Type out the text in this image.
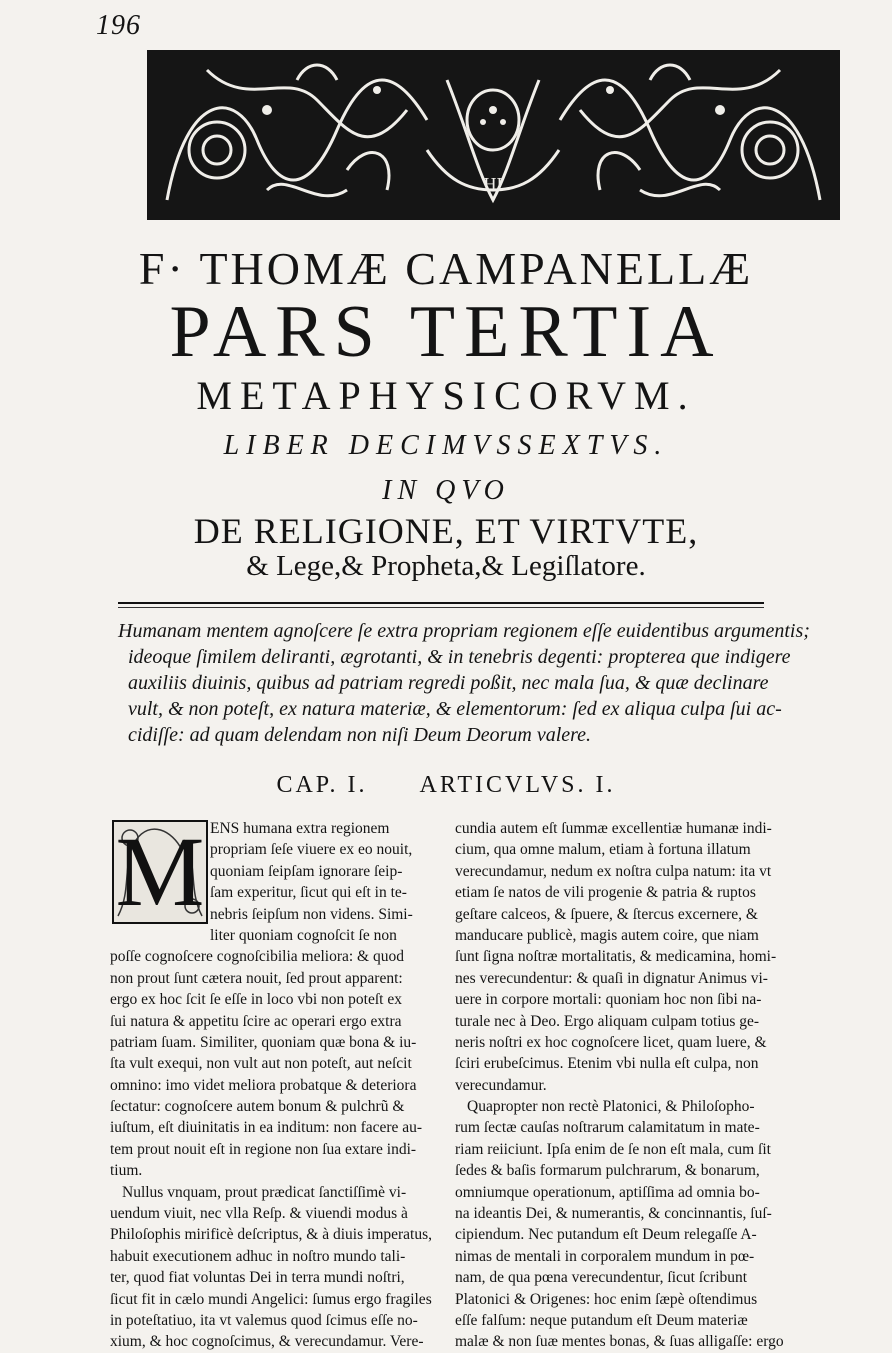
196
HI
F· THOMÆ CAMPANELLÆ
PARS TERTIA
METAPHYSICORVM.
LIBER DECIMVSSEXTVS.
IN QVO
DE RELIGIONE, ET VIRTVTE,
& Lege,& Propheta,& Legiſlatore.
Humanam mentem agnoſcere ſe extra propriam regionem eſſe euidentibus argumentis;
ideoque ſimilem deliranti, ægrotanti, & in tenebris degenti: propterea que indigere
auxiliis diuinis, quibus ad patriam regredi poßit, nec mala ſua, & quæ declinare
vult, & non poteſt, ex natura materiæ, & elementorum: ſed ex aliqua culpa ſui ac-
cidiſſe: ad quam delendam non niſi Deum Deorum valere.
CAP. I. ARTICVLVS. I.
M ENS humana extra regionem
propriam ſeſe viuere ex eo nouit,
quoniam ſeipſam ignorare ſeip-
ſam experitur, ſicut qui eſt in te-
nebris ſeipſum non videns. Simi-
liter quoniam cognoſcit ſe non
poſſe cognoſcere cognoſcibilia meliora: & quod
non prout ſunt cætera nouit, ſed prout apparent:
ergo ex hoc ſcit ſe eſſe in loco vbi non poteſt ex
ſui natura & appetitu ſcire ac operari ergo extra
patriam ſuam. Similiter, quoniam quæ bona & iu-
ſta vult exequi, non vult aut non poteſt, aut neſcit
omnino: imo videt meliora probatque & deteriora
ſectatur: cognoſcere autem bonum & pulchrũ &
iuſtum, eſt diuinitatis in ea inditum: non facere au-
tem prout nouit eſt in regione non ſua extare indi-
tium.
Nullus vnquam, prout prædicat ſanctiſſimè vi-
uendum viuit, nec vlla Reſp. & viuendi modus à
Philoſophis mirificè deſcriptus, & à diuis imperatus,
habuit executionem adhuc in noſtro mundo tali-
ter, quod fiat voluntas Dei in terra mundi noſtri,
ſicut fit in cælo mundi Angelici: ſumus ergo fragiles
in poteſtatiuo, ita vt valemus quod ſcimus eſſe no-
xium, & hoc cognoſcimus, & verecundamur. Vere-
cundia autem eſt ſummæ excellentiæ humanæ indi-
cium, qua omne malum, etiam à fortuna illatum
verecundamur, nedum ex noſtra culpa natum: ita vt
etiam ſe natos de vili progenie & patria & ruptos
geſtare calceos, & ſpuere, & ſtercus excernere, &
manducare publicè, magis autem coire, que niam
ſunt ſigna noſtræ mortalitatis, & medicamina, homi-
nes verecundentur: & quaſi in dignatur Animus vi-
uere in corpore mortali: quoniam hoc non ſibi na-
turale nec à Deo. Ergo aliquam culpam totius ge-
neris noſtri ex hoc cognoſcere licet, quam luere, &
ſciri erubeſcimus. Etenim vbi nulla eſt culpa, non
verecundamur.
Quapropter non rectè Platonici, & Philoſopho-
rum ſectæ cauſas noſtrarum calamitatum in mate-
riam reiiciunt. Ipſa enim de ſe non eſt mala, cum ſit
ſedes & baſis formarum pulchrarum, & bonarum,
omniumque operationum, aptiſſima ad omnia bo-
na ideantis Dei, & numerantis, & concinnantis, ſuſ-
cipiendum. Nec putandum eſt Deum relegaſſe A-
nimas de mentali in corporalem mundum in pœ-
nam, de qua pœna verecundentur, ſicut ſcribunt
Platonici & Origenes: hoc enim ſæpè oſtendimus
eſſe falſum: neque putandum eſt Deum materiæ
malæ & non ſuæ mentes bonas, & ſuas alligaſſe: ergo
